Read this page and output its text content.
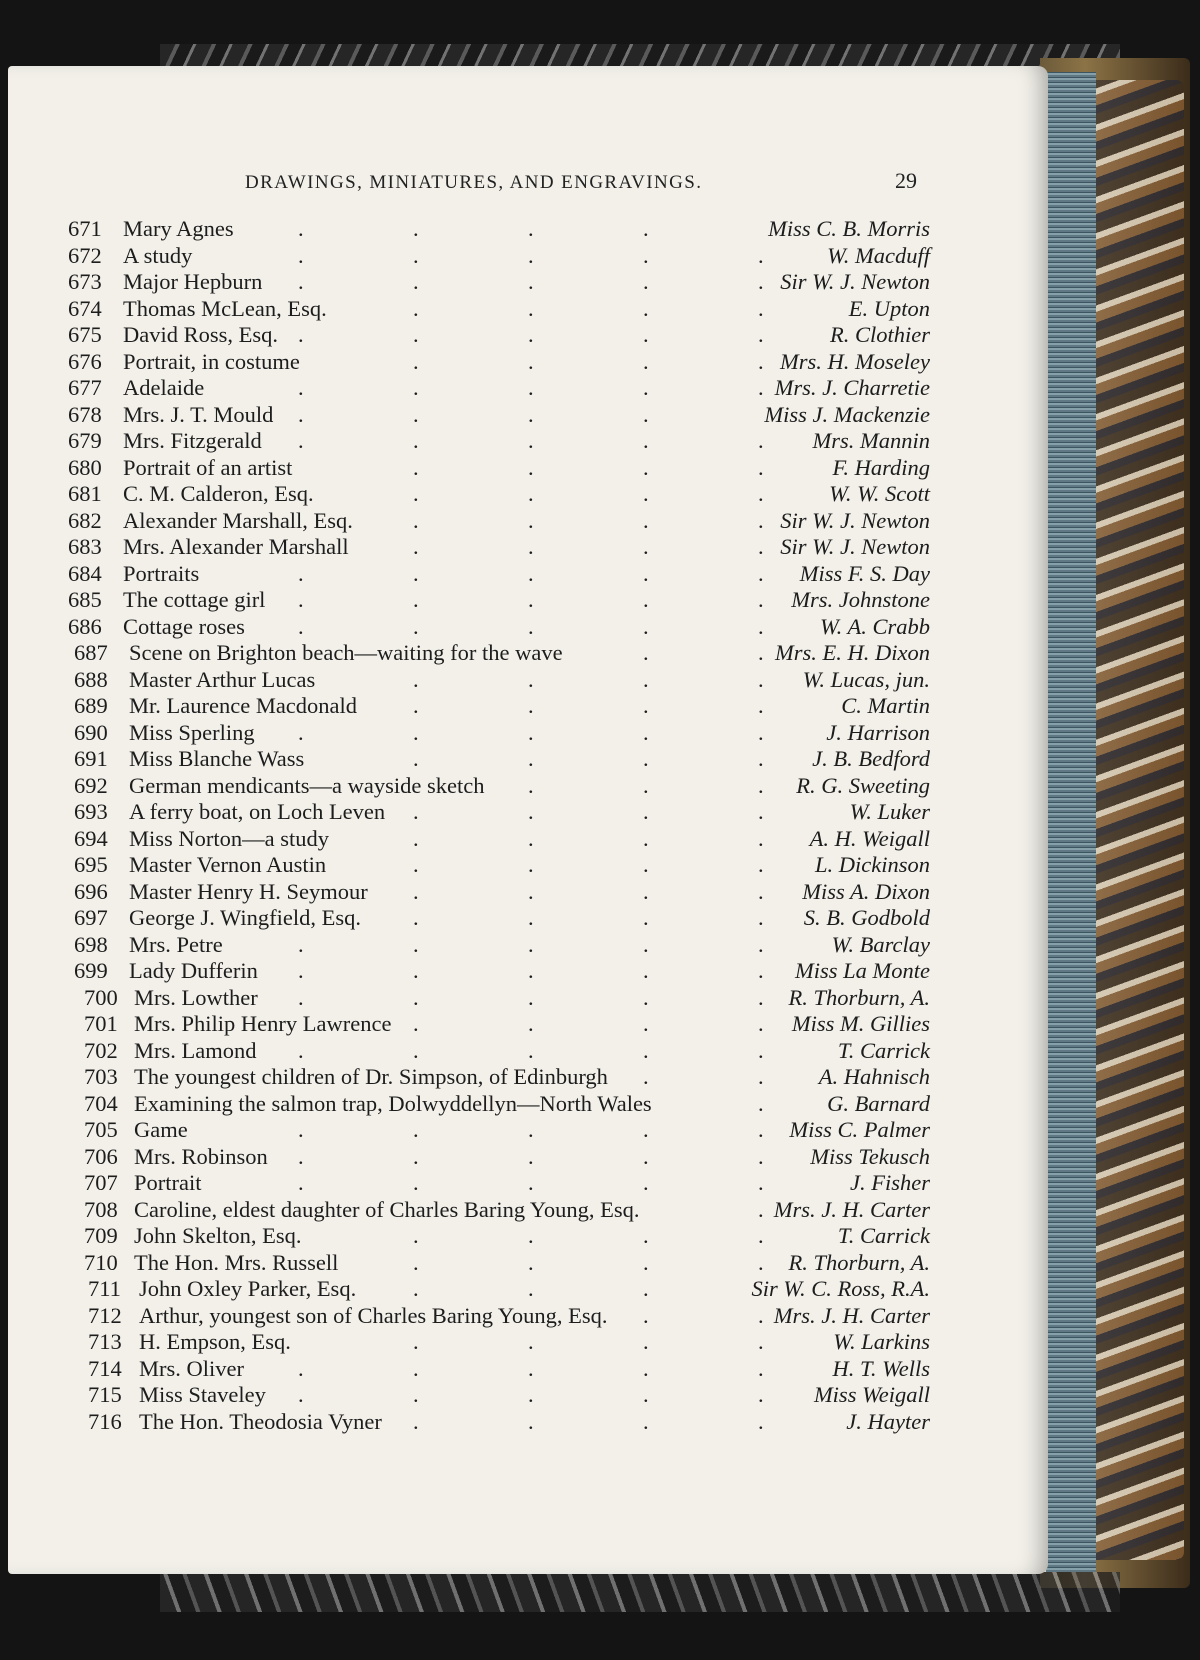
DRAWINGS, MINIATURES, AND ENGRAVINGS.	29
671 Mary Agnes	Miss C. B. Morris
.	.	.	.
672 A study	W. Macduff
.	.	.	.	.
673 Major Hepburn	Sir W. J. Newton
.	.	.	.	.
674 Thomas McLean, Esq.	E. Upton
.	.	.	.
675 David Ross, Esq.	R. Clothier
.	.	.	.	.
676 Portrait, in costume	Mrs. H. Moseley
.	.	.	.
677 Adelaide	Mrs. J. Charretie
.	.	.	.	.
678 Mrs. J. T. Mould	Miss J. Mackenzie
.	.	.	.
679 Mrs. Fitzgerald	Mrs. Mannin
.	.	.	.	.
680 Portrait of an artist	F. Harding
.	.	.	.
681 C. M. Calderon, Esq.	W. W. Scott
.	.	.	.
682 Alexander Marshall, Esq.	Sir W. J. Newton
.	.	.	.
683 Mrs. Alexander Marshall	Sir W. J. Newton
.	.	.	.
684 Portraits	Miss F. S. Day
.	.	.	.	.
685 The cottage girl	Mrs. Johnstone
.	.	.	.	.
686 Cottage roses	W. A. Crabb
.	.	.	.	.
687 Scene on Brighton beach—waiting for the wave	Mrs. E. H. Dixon
.	.
688 Master Arthur Lucas	W. Lucas, jun.
.	.	.	.
689 Mr. Laurence Macdonald	C. Martin
.	.	.	.
690 Miss Sperling	J. Harrison
.	.	.	.	.
691 Miss Blanche Wass	J. B. Bedford
.	.	.	.
692 German mendicants—a wayside sketch	R. G. Sweeting
.	.	.
693 A ferry boat, on Loch Leven	W. Luker
.	.	.	.
694 Miss Norton—a study	A. H. Weigall
.	.	.	.
695 Master Vernon Austin	L. Dickinson
.	.	.	.
696 Master Henry H. Seymour	Miss A. Dixon
.	.	.	.
697 George J. Wingfield, Esq.	S. B. Godbold
.	.	.	.
698 Mrs. Petre	W. Barclay
.	.	.	.	.
699 Lady Dufferin	Miss La Monte
.	.	.	.	.
700 Mrs. Lowther	R. Thorburn, A.
.	.	.	.	.
701 Mrs. Philip Henry Lawrence	Miss M. Gillies
.	.	.	.
702 Mrs. Lamond	T. Carrick
.	.	.	.	.
703 The youngest children of Dr. Simpson, of Edinburgh	A. Hahnisch
.	.
704 Examining the salmon trap, Dolwyddellyn—North Wales	G. Barnard
.
705 Game	Miss C. Palmer
.	.	.	.	.
706 Mrs. Robinson	Miss Tekusch
.	.	.	.	.
707 Portrait	J. Fisher
.	.	.	.	.
708 Caroline, eldest daughter of Charles Baring Young, Esq.	Mrs. J. H. Carter
.
709 John Skelton, Esq.	T. Carrick
.	.	.	.
710 The Hon. Mrs. Russell	R. Thorburn, A.
.	.	.	.
711 John Oxley Parker, Esq.	Sir W. C. Ross, R.A.
.	.	.
712 Arthur, youngest son of Charles Baring Young, Esq.	Mrs. J. H. Carter
.	.
713 H. Empson, Esq.	W. Larkins
.	.	.	.
714 Mrs. Oliver	H. T. Wells
.	.	.	.	.
715 Miss Staveley	Miss Weigall
.	.	.	.	.
716 The Hon. Theodosia Vyner	J. Hayter
.	.	.	.
